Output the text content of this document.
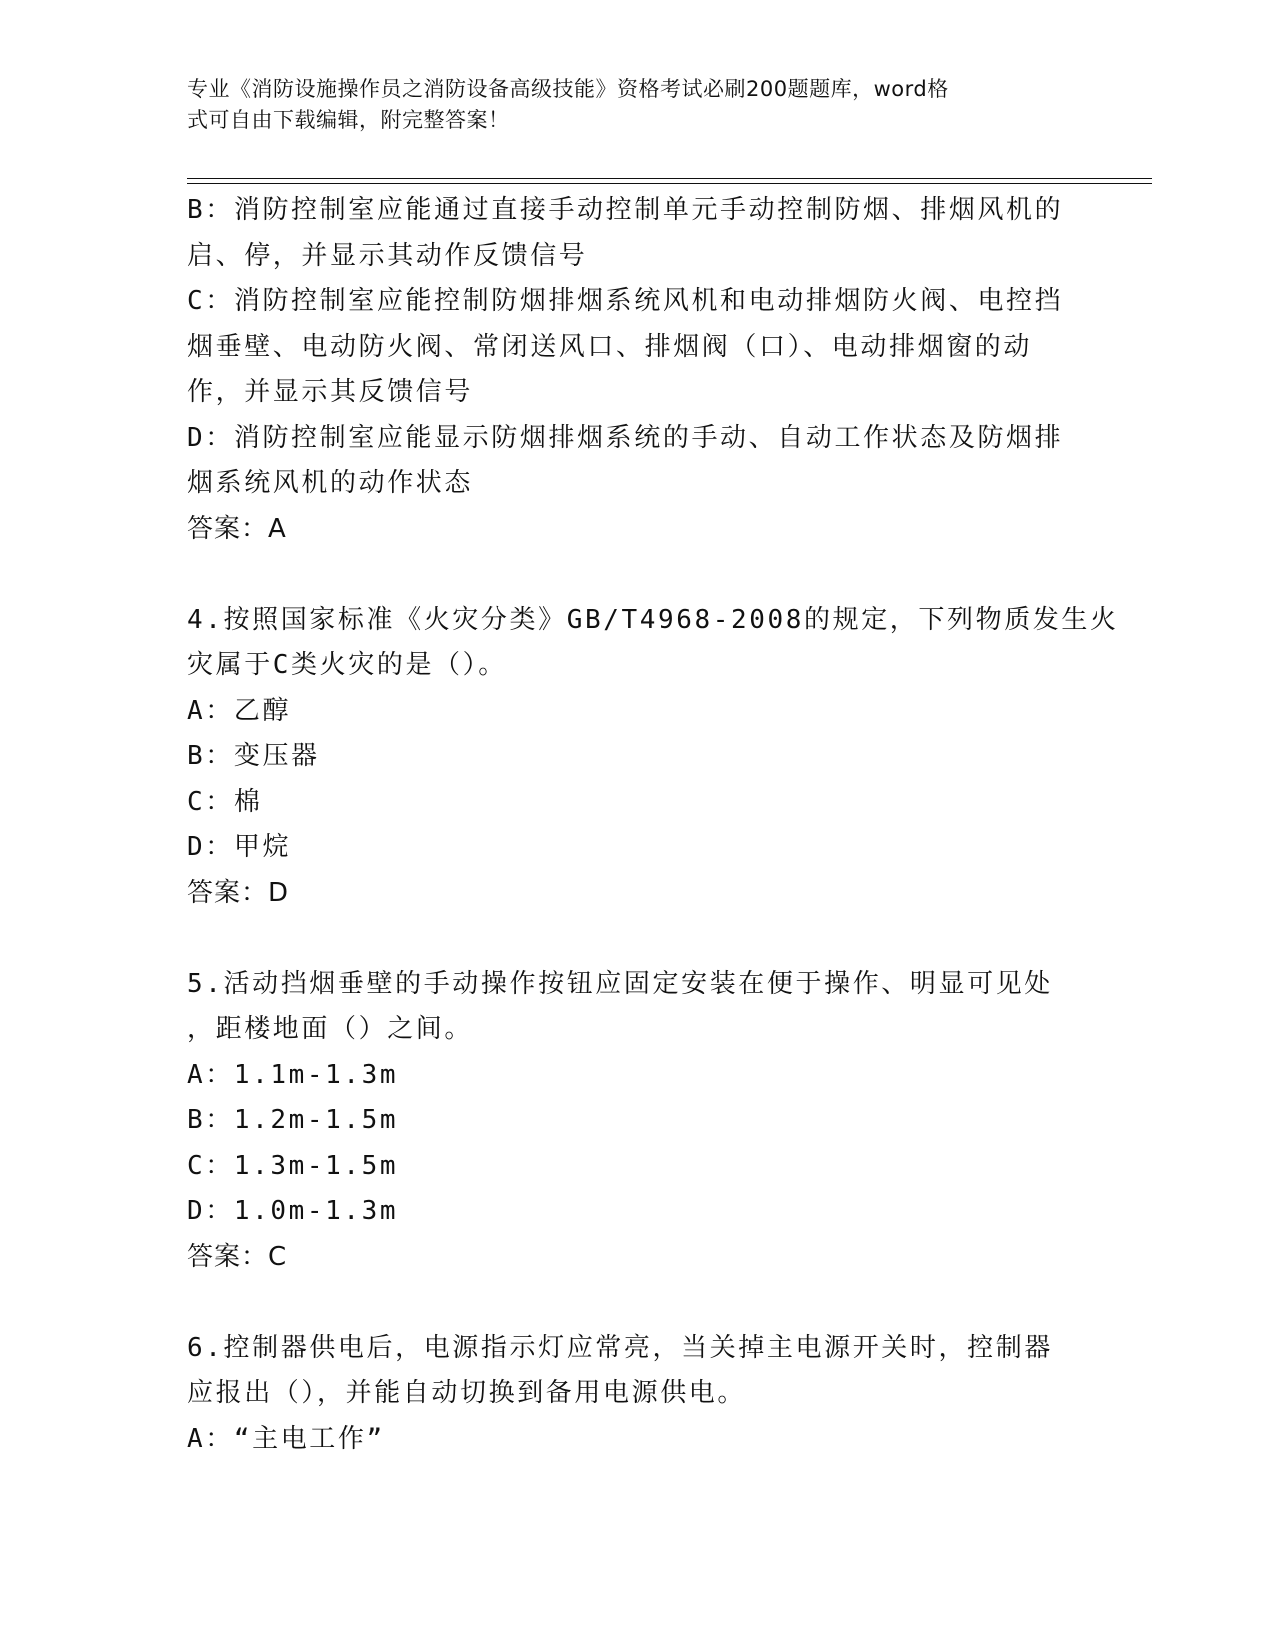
专业《消防设施操作员之消防设备高级技能》资格考试必刷200题题库，word格
式可自由下载编辑，附完整答案！
B：消防控制室应能通过直接手动控制单元手动控制防烟、排烟风机的
启、停，并显示其动作反馈信号
C：消防控制室应能控制防烟排烟系统风机和电动排烟防火阀、电控挡
烟垂壁、电动防火阀、常闭送风口、排烟阀（口）、电动排烟窗的动
作，并显示其反馈信号
D：消防控制室应能显示防烟排烟系统的手动、自动工作状态及防烟排
烟系统风机的动作状态
答案：A
4.按照国家标准《火灾分类》GB/T4968-2008的规定，下列物质发生火
灾属于C类火灾的是（）。
A：乙醇
B：变压器
C：棉
D：甲烷
答案：D
5.活动挡烟垂壁的手动操作按钮应固定安装在便于操作、明显可见处
，距楼地面（）之间。
A：1.1m-1.3m
B：1.2m-1.5m
C：1.3m-1.5m
D：1.0m-1.3m
答案：C
6.控制器供电后，电源指示灯应常亮，当关掉主电源开关时，控制器
应报出（），并能自动切换到备用电源供电。
A：“主电工作”
